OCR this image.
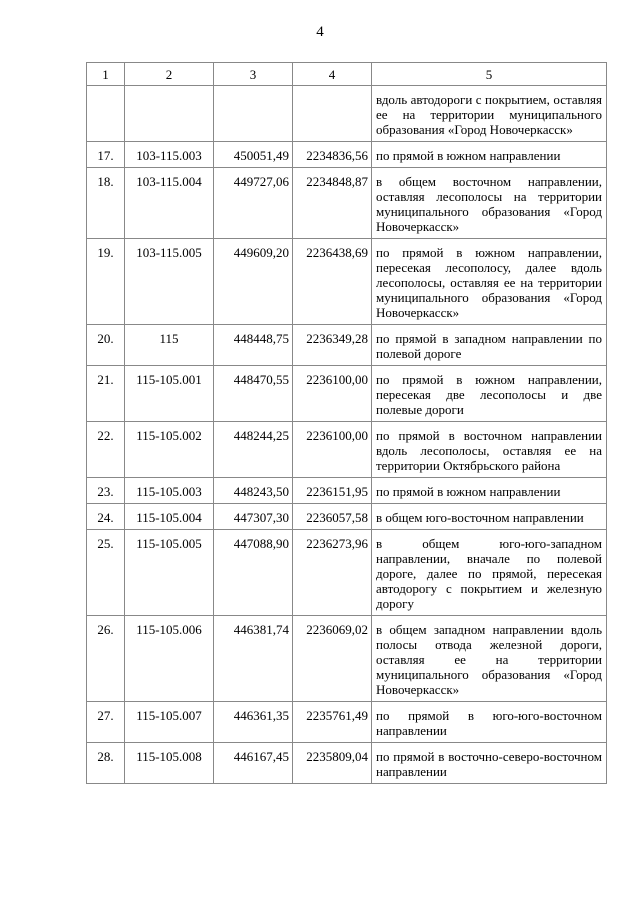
4
1	2	3	4	5

				вдоль автодороги с покрытием, оставляя ее на территории муниципального образования «Город Новочеркасск»

17.	103-115.003	450051,49	2234836,56	по прямой в южном направлении

18.	103-115.004	449727,06	2234848,87	в общем восточном направлении, оставляя лесополосы на территории муниципального образования «Город Новочеркасск»

19.	103-115.005	449609,20	2236438,69	по прямой в южном направлении, пересекая лесополосу, далее вдоль лесополосы, оставляя ее на территории муниципального образования «Город Новочеркасск»

20.	115	448448,75	2236349,28	по прямой в западном направлении по полевой дороге

21.	115-105.001	448470,55	2236100,00	по прямой в южном направлении, пересекая две лесополосы и две полевые дороги

22.	115-105.002	448244,25	2236100,00	по прямой в восточном направлении вдоль лесополосы, оставляя ее на территории Октябрьского района

23.	115-105.003	448243,50	2236151,95	по прямой в южном направлении

24.	115-105.004	447307,30	2236057,58	в общем юго-восточном направлении

25.	115-105.005	447088,90	2236273,96	в общем юго-юго-западном направлении, вначале по полевой дороге, далее по прямой, пересекая автодорогу с покрытием и железную дорогу

26.	115-105.006	446381,74	2236069,02	в общем западном направлении вдоль полосы отвода железной дороги, оставляя ее на территории муниципального образования «Город Новочеркасск»

27.	115-105.007	446361,35	2235761,49	по прямой в юго-юго-восточном направлении

28.	115-105.008	446167,45	2235809,04	по прямой в восточно-северо-восточном направлении
